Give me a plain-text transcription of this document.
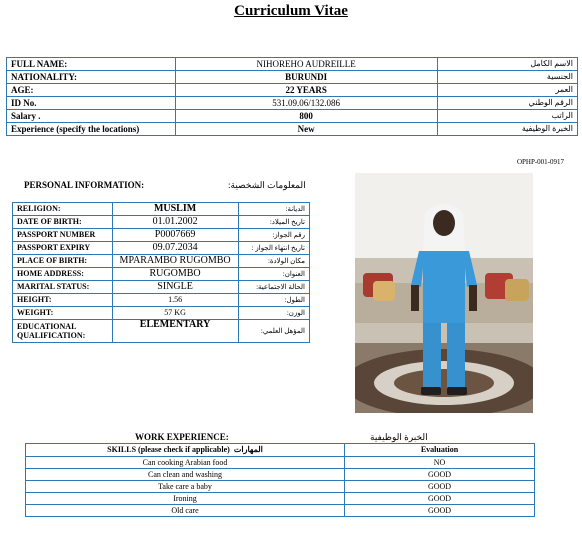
Curriculum Vitae
FULL NAME:	NIHOREHO AUDREILLE	الاسم الكامل
NATIONALITY:	BURUNDI	الجنسية
AGE:	22 YEARS	العمر
ID No.	531.09.06/132.086	الرقم الوطني
Salary .	800	الراتب
Experience (specify the locations)	New	الخبرة الوظيفية
OPHP-001-0917
PERSONAL INFORMATION:	المعلومات الشخصية:
RELIGION:	MUSLIM	الديانة:
DATE OF BIRTH:	01.01.2002	تاريخ الميلاد:
PASSPORT NUMBER	P0007669	رقم الجواز:
PASSPORT EXPIRY	09.07.2034	تاريخ انتهاء الجواز :
PLACE OF BIRTH:	MPARAMBO RUGOMBO	مكان الولادة:
HOME ADDRESS:	RUGOMBO	العنوان:
MARITAL STATUS:	SINGLE	الحالة الاجتماعية:
HEIGHT:	1.56	الطول:
WEIGHT:	57 KG	الوزن:
EDUCATIONAL QUALIFICATION:	ELEMENTARY	المؤهل العلمي:
WORK EXPERIENCE:	الخبرة الوظيفية
SKILLS (please check if applicable) المهارات	Evaluation
Can cooking Arabian food	NO
Can clean and washing	GOOD
Take care a baby	GOOD
Ironing	GOOD
Old care	GOOD
